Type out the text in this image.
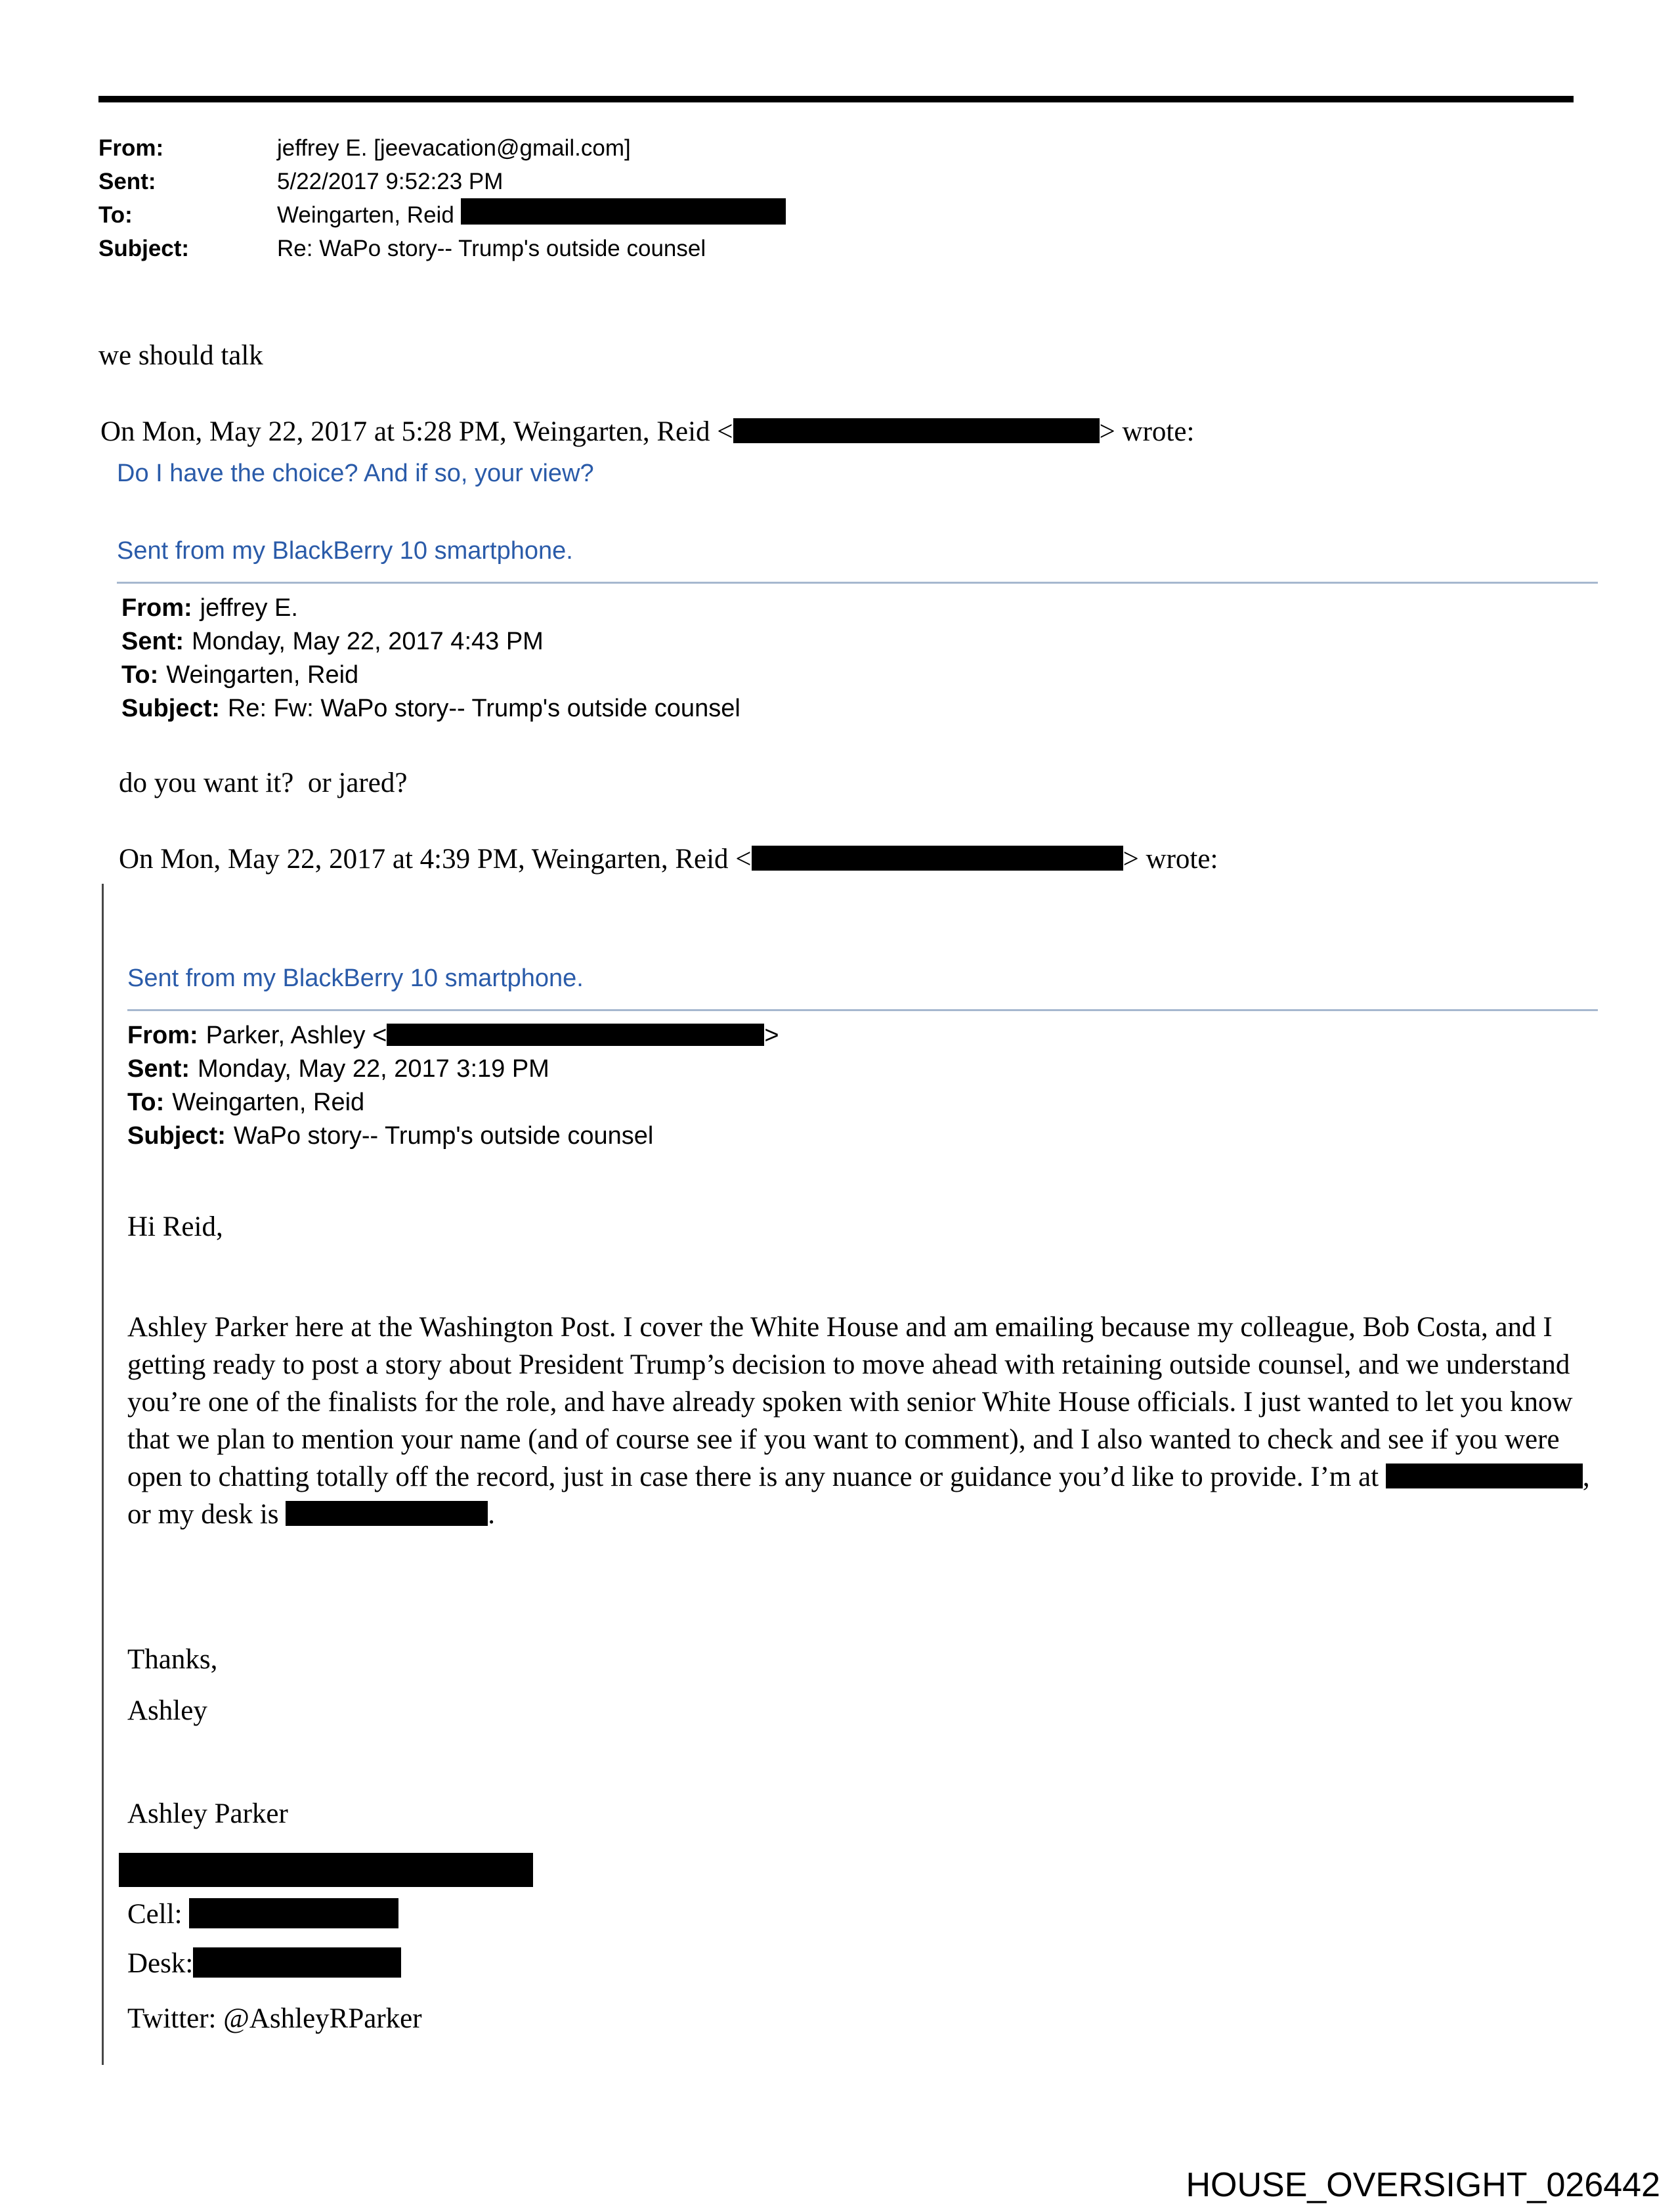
From:	jeffrey E. [jeevacation@gmail.com]
Sent:	5/22/2017 9:52:23 PM
To:	Weingarten, Reid
Subject:	Re: WaPo story-- Trump's outside counsel
we should talk
On Mon, May 22, 2017 at 5:28 PM, Weingarten, Reid <	> wrote:
Do I have the choice? And if so, your view?
Sent from my BlackBerry 10 smartphone.
From: jeffrey E.
Sent: Monday, May 22, 2017 4:43 PM
To: Weingarten, Reid
Subject: Re: Fw: WaPo story-- Trump's outside counsel
do you want it?  or jared?
On Mon, May 22, 2017 at 4:39 PM, Weingarten, Reid <	> wrote:
Sent from my BlackBerry 10 smartphone.
From: Parker, Ashley <	>
Sent: Monday, May 22, 2017 3:19 PM
To: Weingarten, Reid
Subject: WaPo story-- Trump's outside counsel
Hi Reid,
Ashley Parker here at the Washington Post. I cover the White House and am emailing because my colleague, Bob Costa, and I getting ready to post a story about President Trump’s decision to move ahead with retaining outside counsel, and we understand you’re one of the finalists for the role, and have already spoken with senior White House officials. I just wanted to let you know that we plan to mention your name (and of course see if you want to comment), and I also wanted to check and see if you were open to chatting totally off the record, just in case there is any nuance or guidance you’d like to provide. I’m at	, or my desk is	.
Thanks,
Ashley
Ashley Parker
Cell:
Desk:
Twitter: @AshleyRParker
HOUSE_OVERSIGHT_026442
